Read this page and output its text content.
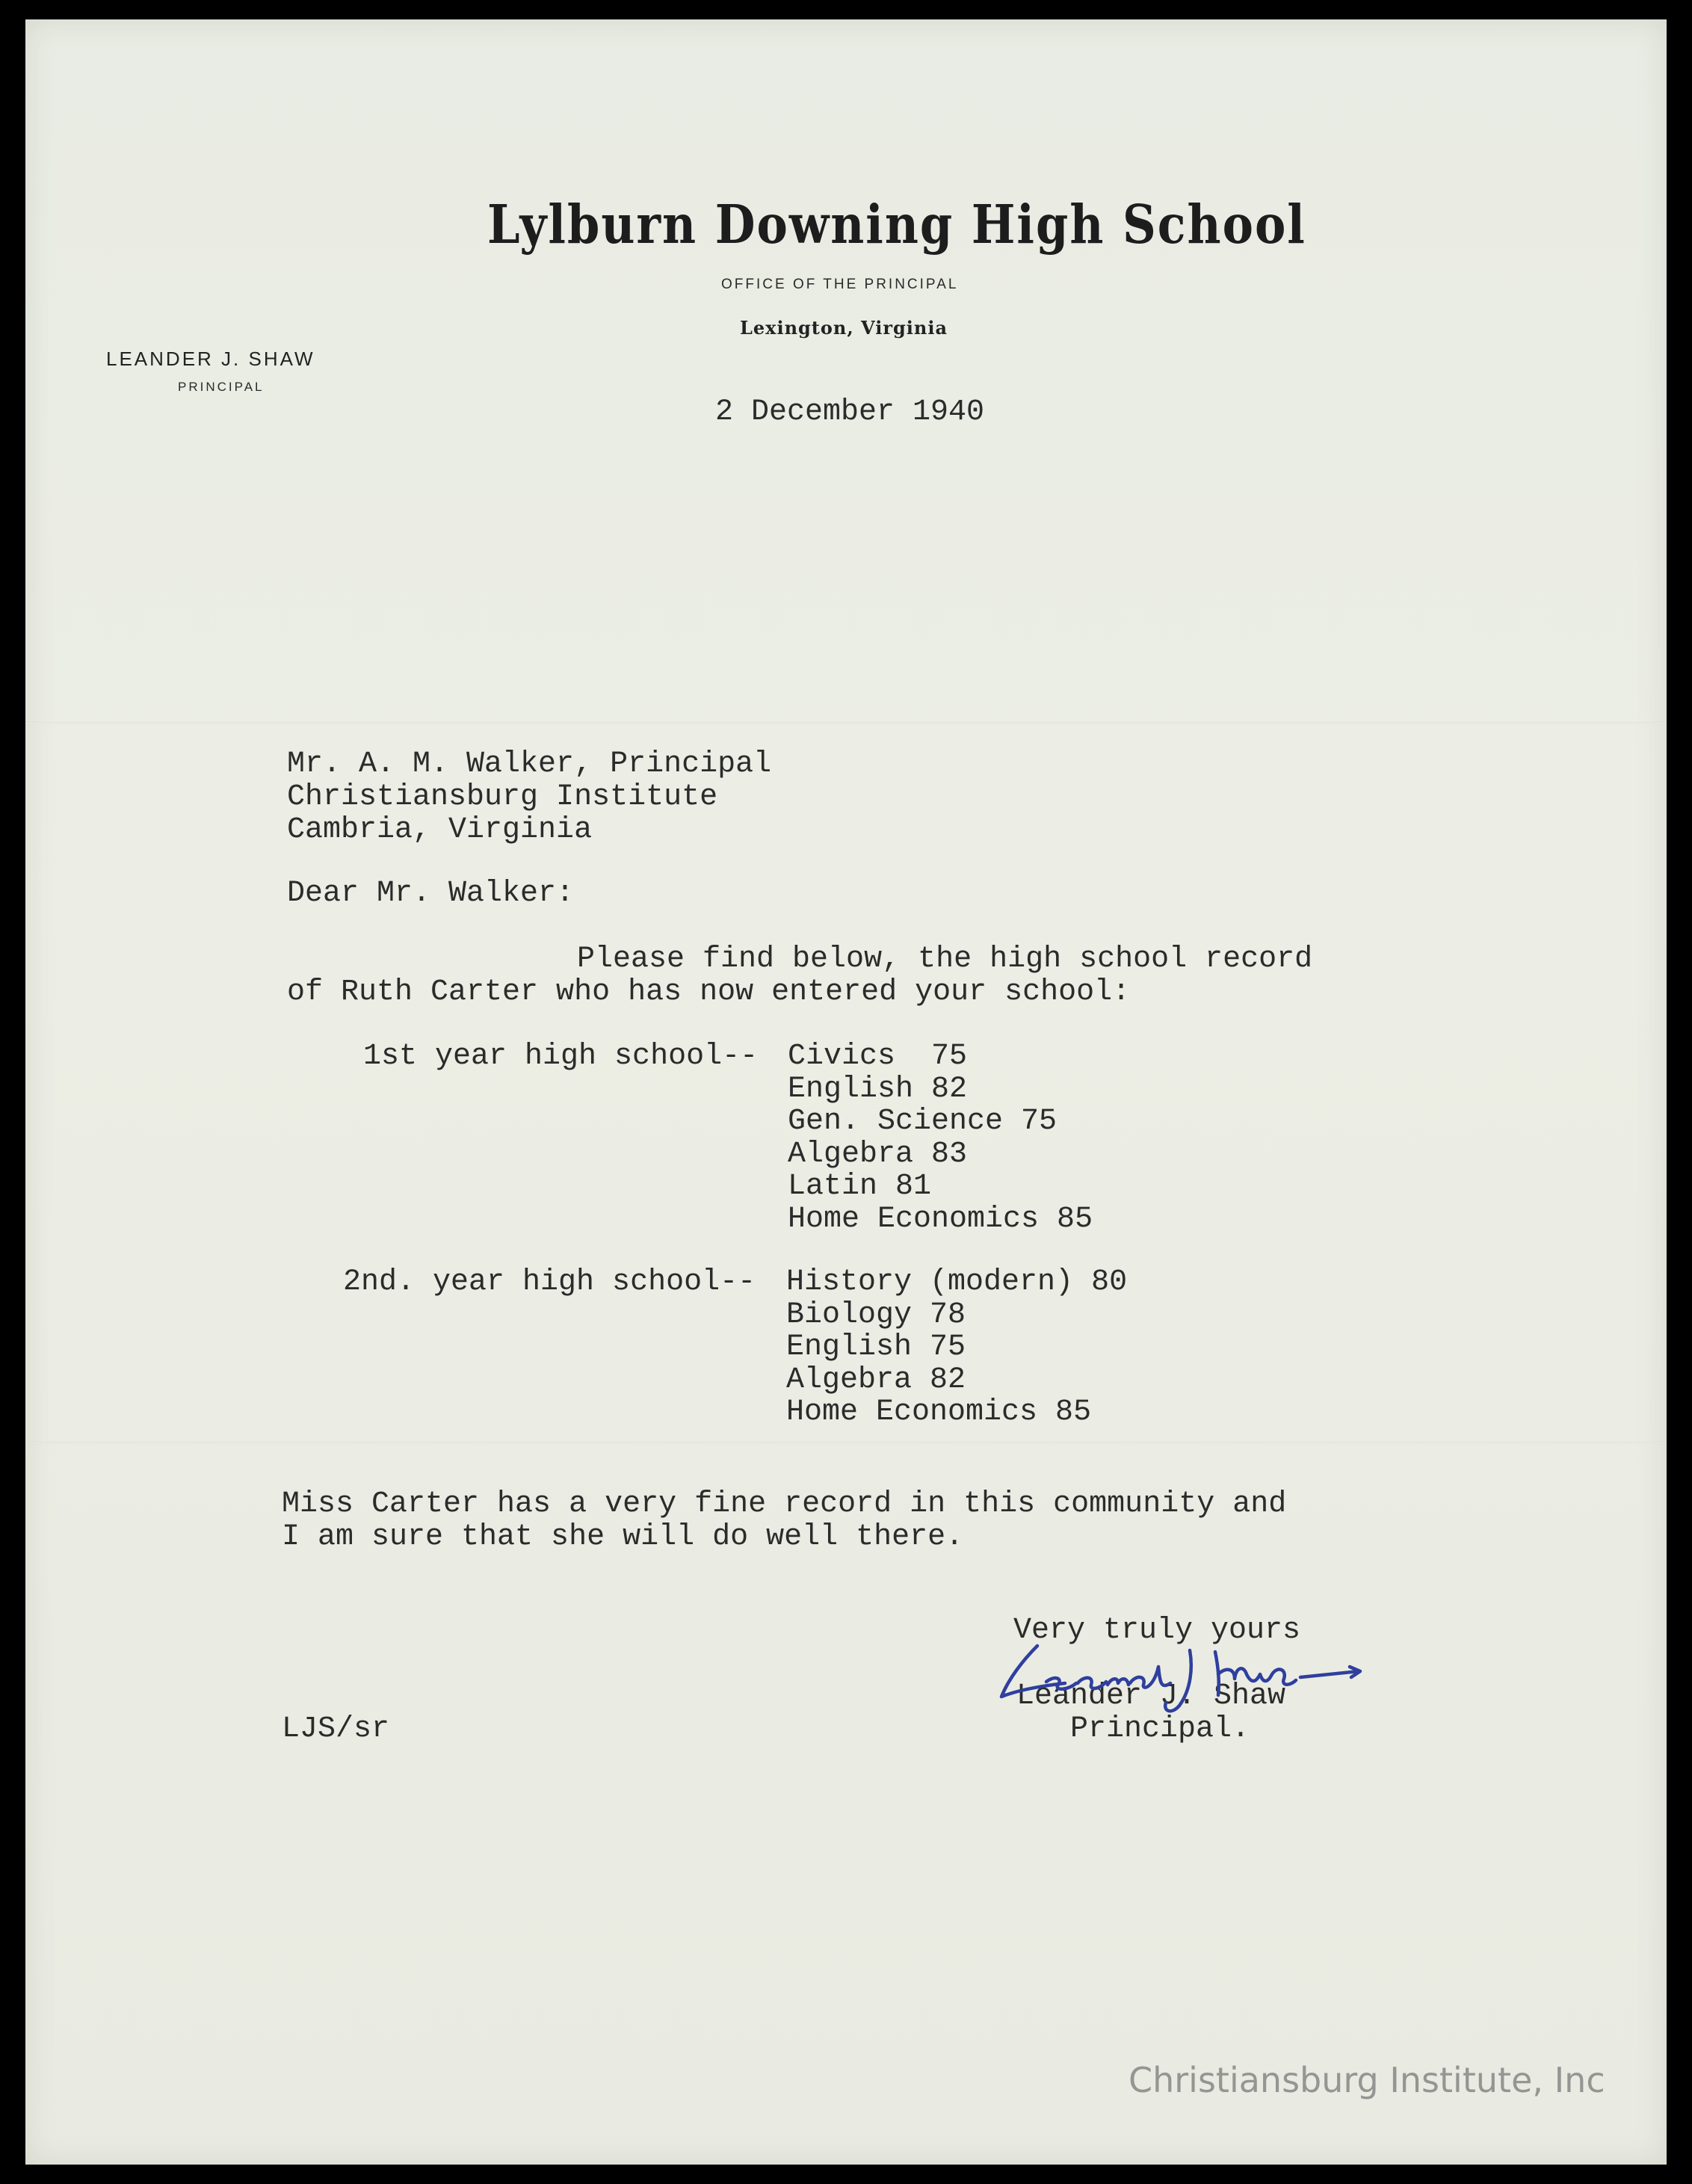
Lylburn Downing High School
OFFICE OF THE PRINCIPAL
Lexington, Virginia
LEANDER J. SHAW
PRINCIPAL
2 December 1940
Mr. A. M. Walker, Principal
Christiansburg Institute
Cambria, Virginia
Dear Mr. Walker:
Please find below, the high school record
of Ruth Carter who has now entered your school:
1st year high school-- Civics  75
English 82
Gen. Science 75
Algebra 83
Latin 81
Home Economics 85
2nd. year high school-- History (modern) 80
Biology 78
English 75
Algebra 82
Home Economics 85
Miss Carter has a very fine record in this community and
I am sure that she will do well there.
Very truly yours
Leander J. Shaw
Principal.
LJS/sr
Christiansburg Institute, Inc
